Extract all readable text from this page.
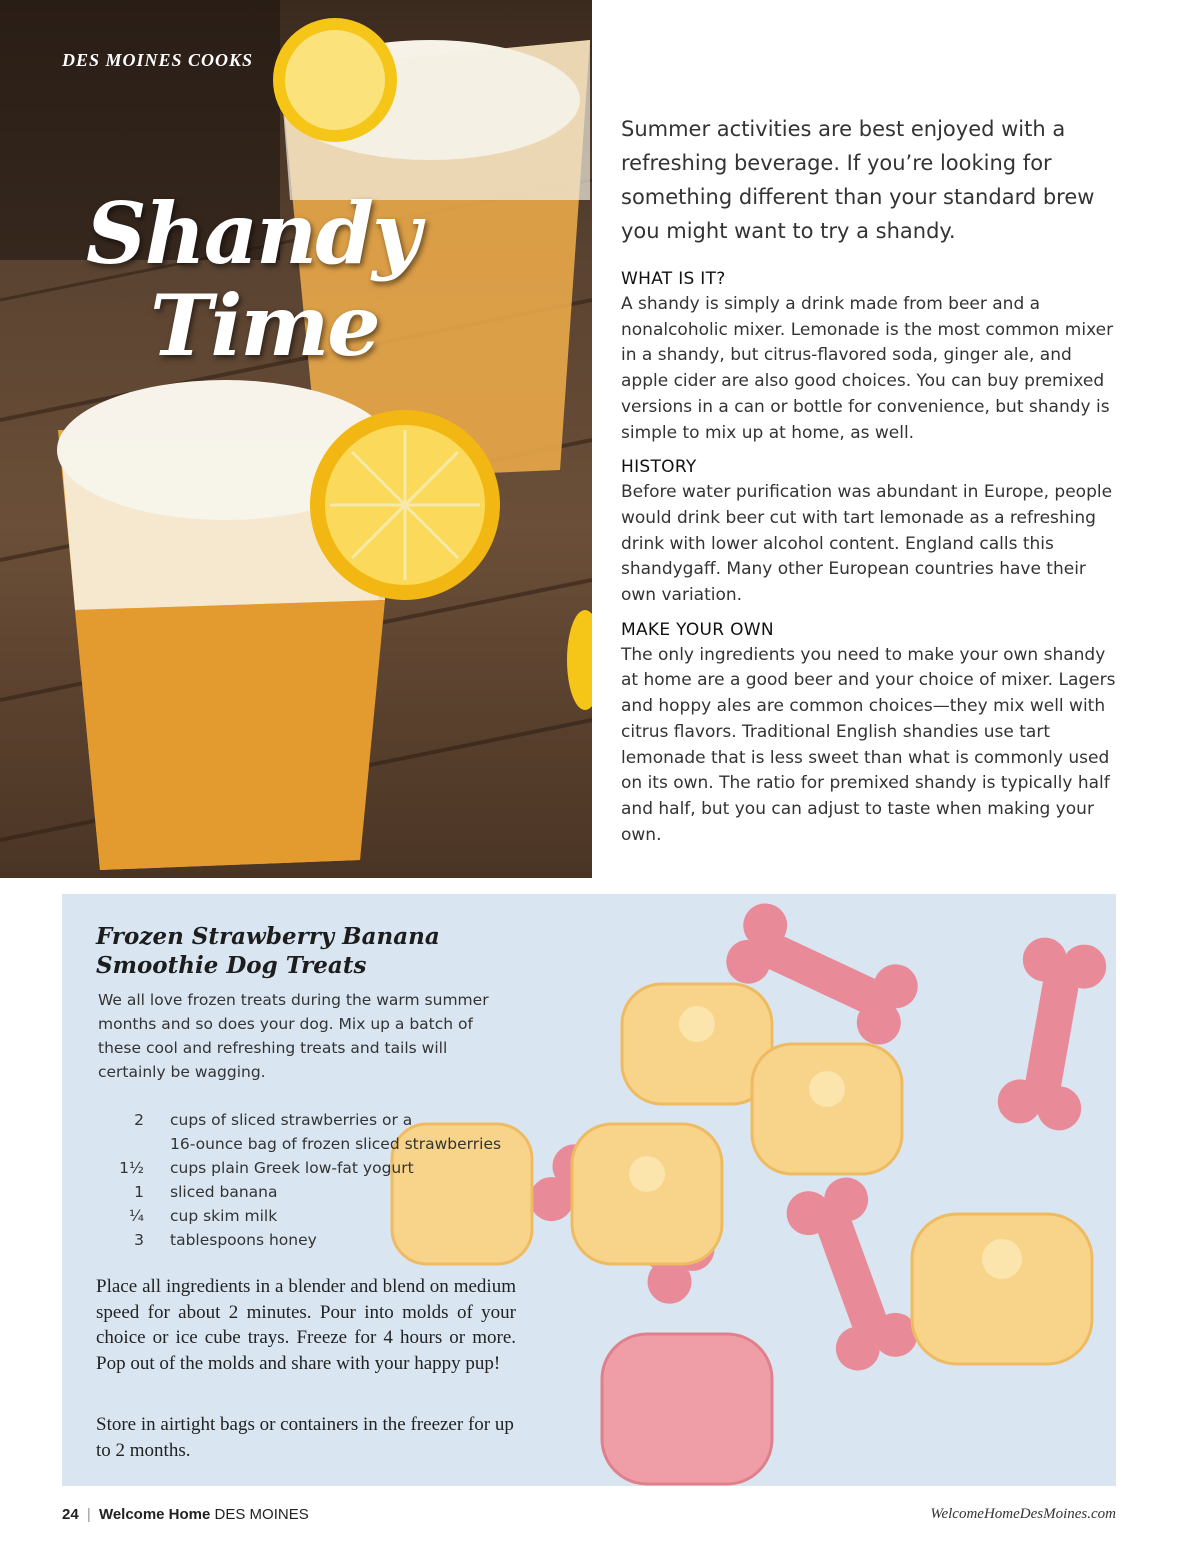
DES MOINES COOKS
Shandy
Time

Summer activities are best enjoyed with a refreshing beverage. If you’re looking for something different than your standard brew you might want to try a shandy.

WHAT IS IT?

A shandy is simply a drink made from beer and a nonalcoholic mixer. Lemonade is the most common mixer in a shandy, but citrus-flavored soda, ginger ale, and apple cider are also good choices. You can buy premixed versions in a can or bottle for convenience, but shandy is simple to mix up at home, as well.

HISTORY

Before water purification was abundant in Europe, people would drink beer cut with tart lemonade as a refreshing drink with lower alcohol content. England calls this shandygaff. Many other European countries have their own variation.

MAKE YOUR OWN

The only ingredients you need to make your own shandy at home are a good beer and your choice of mixer. Lagers and hoppy ales are common choices—they mix well with citrus flavors. Traditional English shandies use tart lemonade that is less sweet than what is commonly used on its own. The ratio for premixed shandy is typically half and half, but you can adjust to taste when making your own.

Frozen Strawberry Banana
Smoothie Dog Treats
We all love frozen treats during the warm summer months and so does your dog. Mix up a batch of these cool and refreshing treats and tails will certainly be wagging.
2	cups of sliced strawberries or a
16-ounce bag of frozen sliced strawberries
1½	cups plain Greek low-fat yogurt
1	sliced banana
¼	cup skim milk
3	tablespoons honey

Place all ingredients in a blender and blend on medium speed for about 2 minutes. Pour into molds of your choice or ice cube trays. Freeze for 4 hours or more. Pop out of the molds and share with your happy pup!

Store in airtight bags or containers in the freezer for up to 2 months.

24 | Welcome Home DES MOINES	WelcomeHomeDesMoines.com
